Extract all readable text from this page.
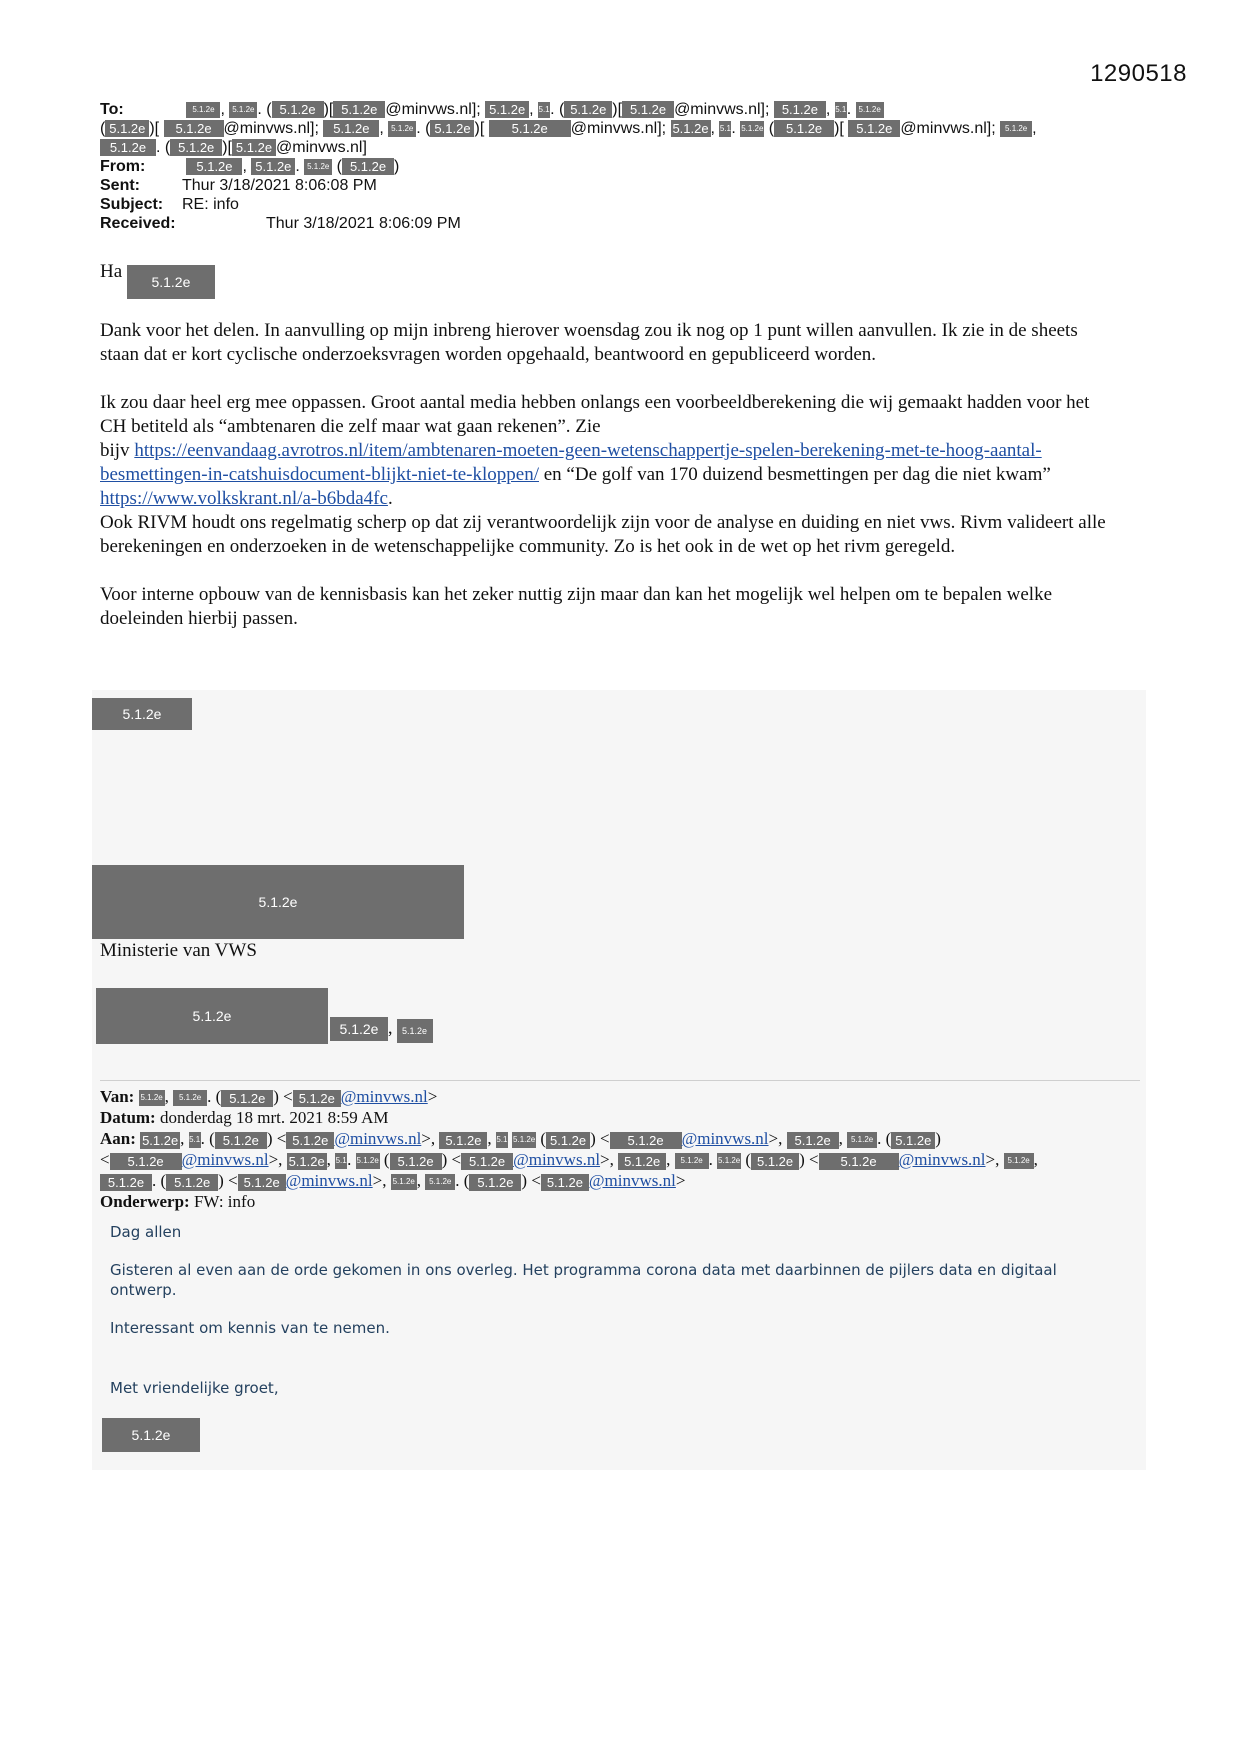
1290518
To:	5.1.2e , 5.1.2e . ( 5.1.2e )[ 5.1.2e @minvws.nl]; 5.1.2e , 5.1. ( 5.1.2e )[ 5.1.2e @minvws.nl]; 5.1.2e , 5.1. 5.1.2e
( 5.1.2e )[ 5.1.2e @minvws.nl]; 5.1.2e , 5.1.2e . ( 5.1.2e )[ 5.1.2e @minvws.nl]; 5.1.2e , 5.1. 5.1.2e ( 5.1.2e )[ 5.1.2e @minvws.nl]; 5.1.2e ,
5.1.2e . ( 5.1.2e )[ 5.1.2e @minvws.nl]
From:	5.1.2e , 5.1.2e . 5.1.2e ( 5.1.2e )
Sent:	Thur 3/18/2021 8:06:08 PM
Subject: RE: info
Received:	Thur 3/18/2021 8:06:09 PM

Ha 5.1.2e

Dank voor het delen. In aanvulling op mijn inbreng hierover woensdag zou ik nog op 1 punt willen aanvullen. Ik zie in de sheets staan dat er kort cyclische onderzoeksvragen worden opgehaald, beantwoord en gepubliceerd worden.

Ik zou daar heel erg mee oppassen. Groot aantal media hebben onlangs een voorbeeldberekening die wij gemaakt hadden voor het CH betiteld als “ambtenaren die zelf maar wat gaan rekenen”. Zie
bijv https://eenvandaag.avrotros.nl/item/ambtenaren-moeten-geen-wetenschappertje-spelen-berekening-met-te-hoog-aantal-besmettingen-in-catshuisdocument-blijkt-niet-te-kloppen/ en “De golf van 170 duizend besmettingen per dag die niet kwam”
https://www.volkskrant.nl/a-b6bda4fc.
Ook RIVM houdt ons regelmatig scherp op dat zij verantwoordelijk zijn voor de analyse en duiding en niet vws. Rivm valideert alle berekeningen en onderzoeken in de wetenschappelijke community. Zo is het ook in de wet op het rivm geregeld.

Voor interne opbouw van de kennisbasis kan het zeker nuttig zijn maar dan kan het mogelijk wel helpen om te bepalen welke doeleinden hierbij passen.

5.1.2e
5.1.2e
Ministerie van VWS
5.1.2e5.1.2e , 5.1.2e
Van: 5.1.2e , 5.1.2e . ( 5.1.2e ) < 5.1.2e @minvws.nl>
Datum: donderdag 18 mrt. 2021 8:59 AM
Aan: 5.1.2e , 5.1. ( 5.1.2e ) < 5.1.2e @minvws.nl>, 5.1.2e , 5.1 5.1.2e ( 5.1.2e ) < 5.1.2e @minvws.nl>, 5.1.2e , 5.1.2e . ( 5.1.2e )
< 5.1.2e @minvws.nl>, 5.1.2e , 5.1. 5.1.2e ( 5.1.2e ) < 5.1.2e @minvws.nl>, 5.1.2e , 5.1.2e . 5.1.2e ( 5.1.2e ) < 5.1.2e @minvws.nl>, 5.1.2e ,
5.1.2e . ( 5.1.2e ) < 5.1.2e @minvws.nl>, 5.1.2e , 5.1.2e . ( 5.1.2e ) < 5.1.2e @minvws.nl>
Onderwerp: FW: info
Dag allen
Gisteren al even aan de orde gekomen in ons overleg. Het programma corona data met daarbinnen de pijlers data en digitaal ontwerp.
Interessant om kennis van te nemen.
Met vriendelijke groet,
5.1.2e
